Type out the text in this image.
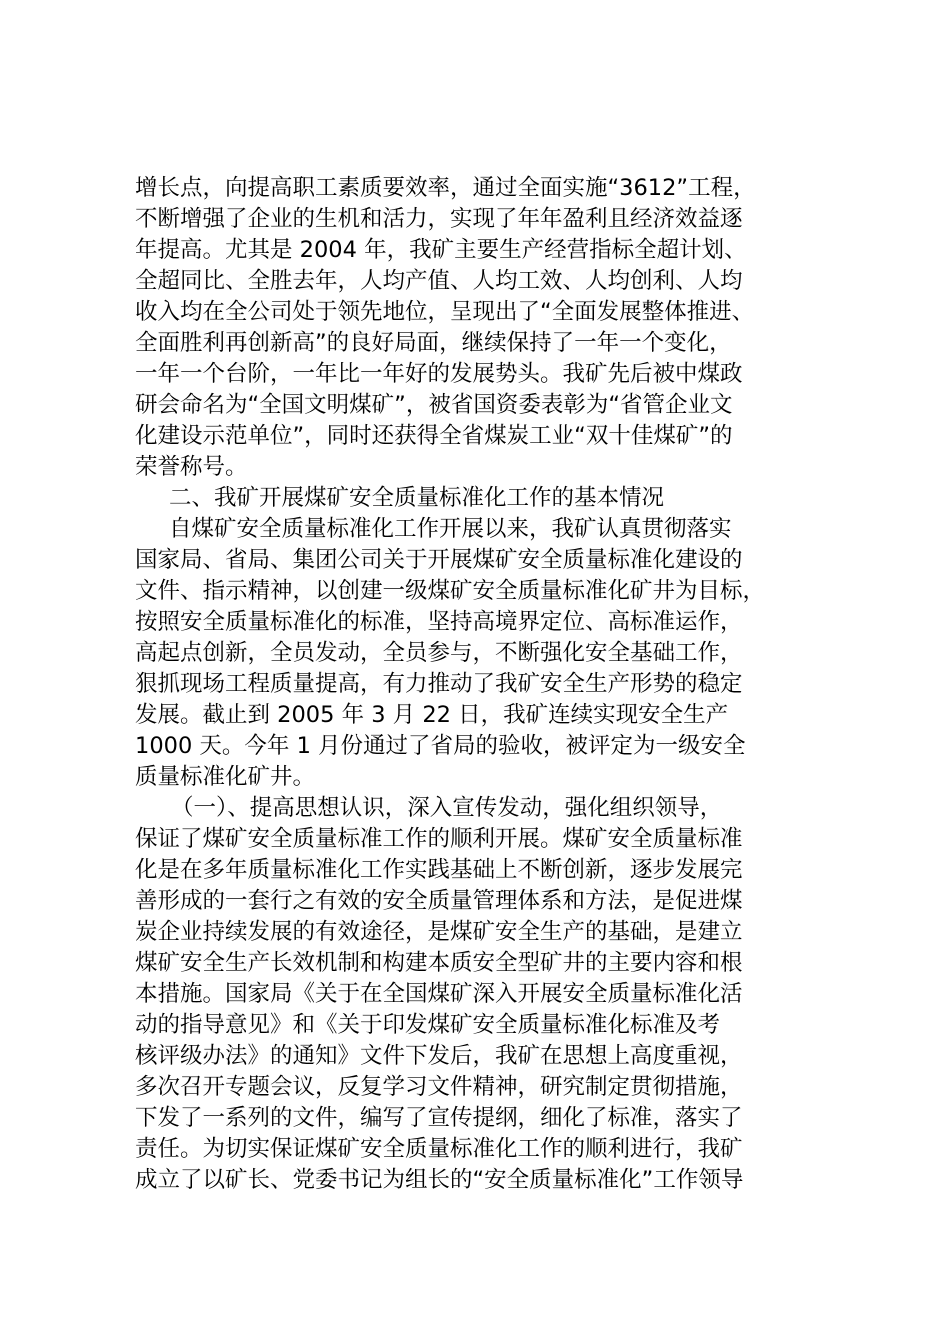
增长点，向提高职工素质要效率，通过全面实施“3612”工程，
不断增强了企业的生机和活力，实现了年年盈利且经济效益逐
年提高。尤其是 2004 年，我矿主要生产经营指标全超计划、
全超同比、全胜去年，人均产值、人均工效、人均创利、人均
收入均在全公司处于领先地位，呈现出了“全面发展整体推进、
全面胜利再创新高”的良好局面，继续保持了一年一个变化，
一年一个台阶，一年比一年好的发展势头。我矿先后被中煤政
研会命名为“全国文明煤矿”，被省国资委表彰为“省管企业文
化建设示范单位”，同时还获得全省煤炭工业“双十佳煤矿”的
荣誉称号。
二、我矿开展煤矿安全质量标准化工作的基本情况
自煤矿安全质量标准化工作开展以来，我矿认真贯彻落实
国家局、省局、集团公司关于开展煤矿安全质量标准化建设的
文件、指示精神，以创建一级煤矿安全质量标准化矿井为目标，
按照安全质量标准化的标准，坚持高境界定位、高标准运作，
高起点创新，全员发动，全员参与，不断强化安全基础工作，
狠抓现场工程质量提高，有力推动了我矿安全生产形势的稳定
发展。截止到 2005 年 3 月 22 日，我矿连续实现安全生产
1000 天。今年 1 月份通过了省局的验收，被评定为一级安全
质量标准化矿井。
（一）、提高思想认识，深入宣传发动，强化组织领导，
保证了煤矿安全质量标准工作的顺利开展。煤矿安全质量标准
化是在多年质量标准化工作实践基础上不断创新，逐步发展完
善形成的一套行之有效的安全质量管理体系和方法，是促进煤
炭企业持续发展的有效途径，是煤矿安全生产的基础，是建立
煤矿安全生产长效机制和构建本质安全型矿井的主要内容和根
本措施。国家局《关于在全国煤矿深入开展安全质量标准化活
动的指导意见》和《关于印发煤矿安全质量标准化标准及考
核评级办法》的通知》文件下发后，我矿在思想上高度重视，
多次召开专题会议，反复学习文件精神，研究制定贯彻措施，
下发了一系列的文件，编写了宣传提纲，细化了标准，落实了
责任。为切实保证煤矿安全质量标准化工作的顺利进行，我矿
成立了以矿长、党委书记为组长的“安全质量标准化”工作领导
